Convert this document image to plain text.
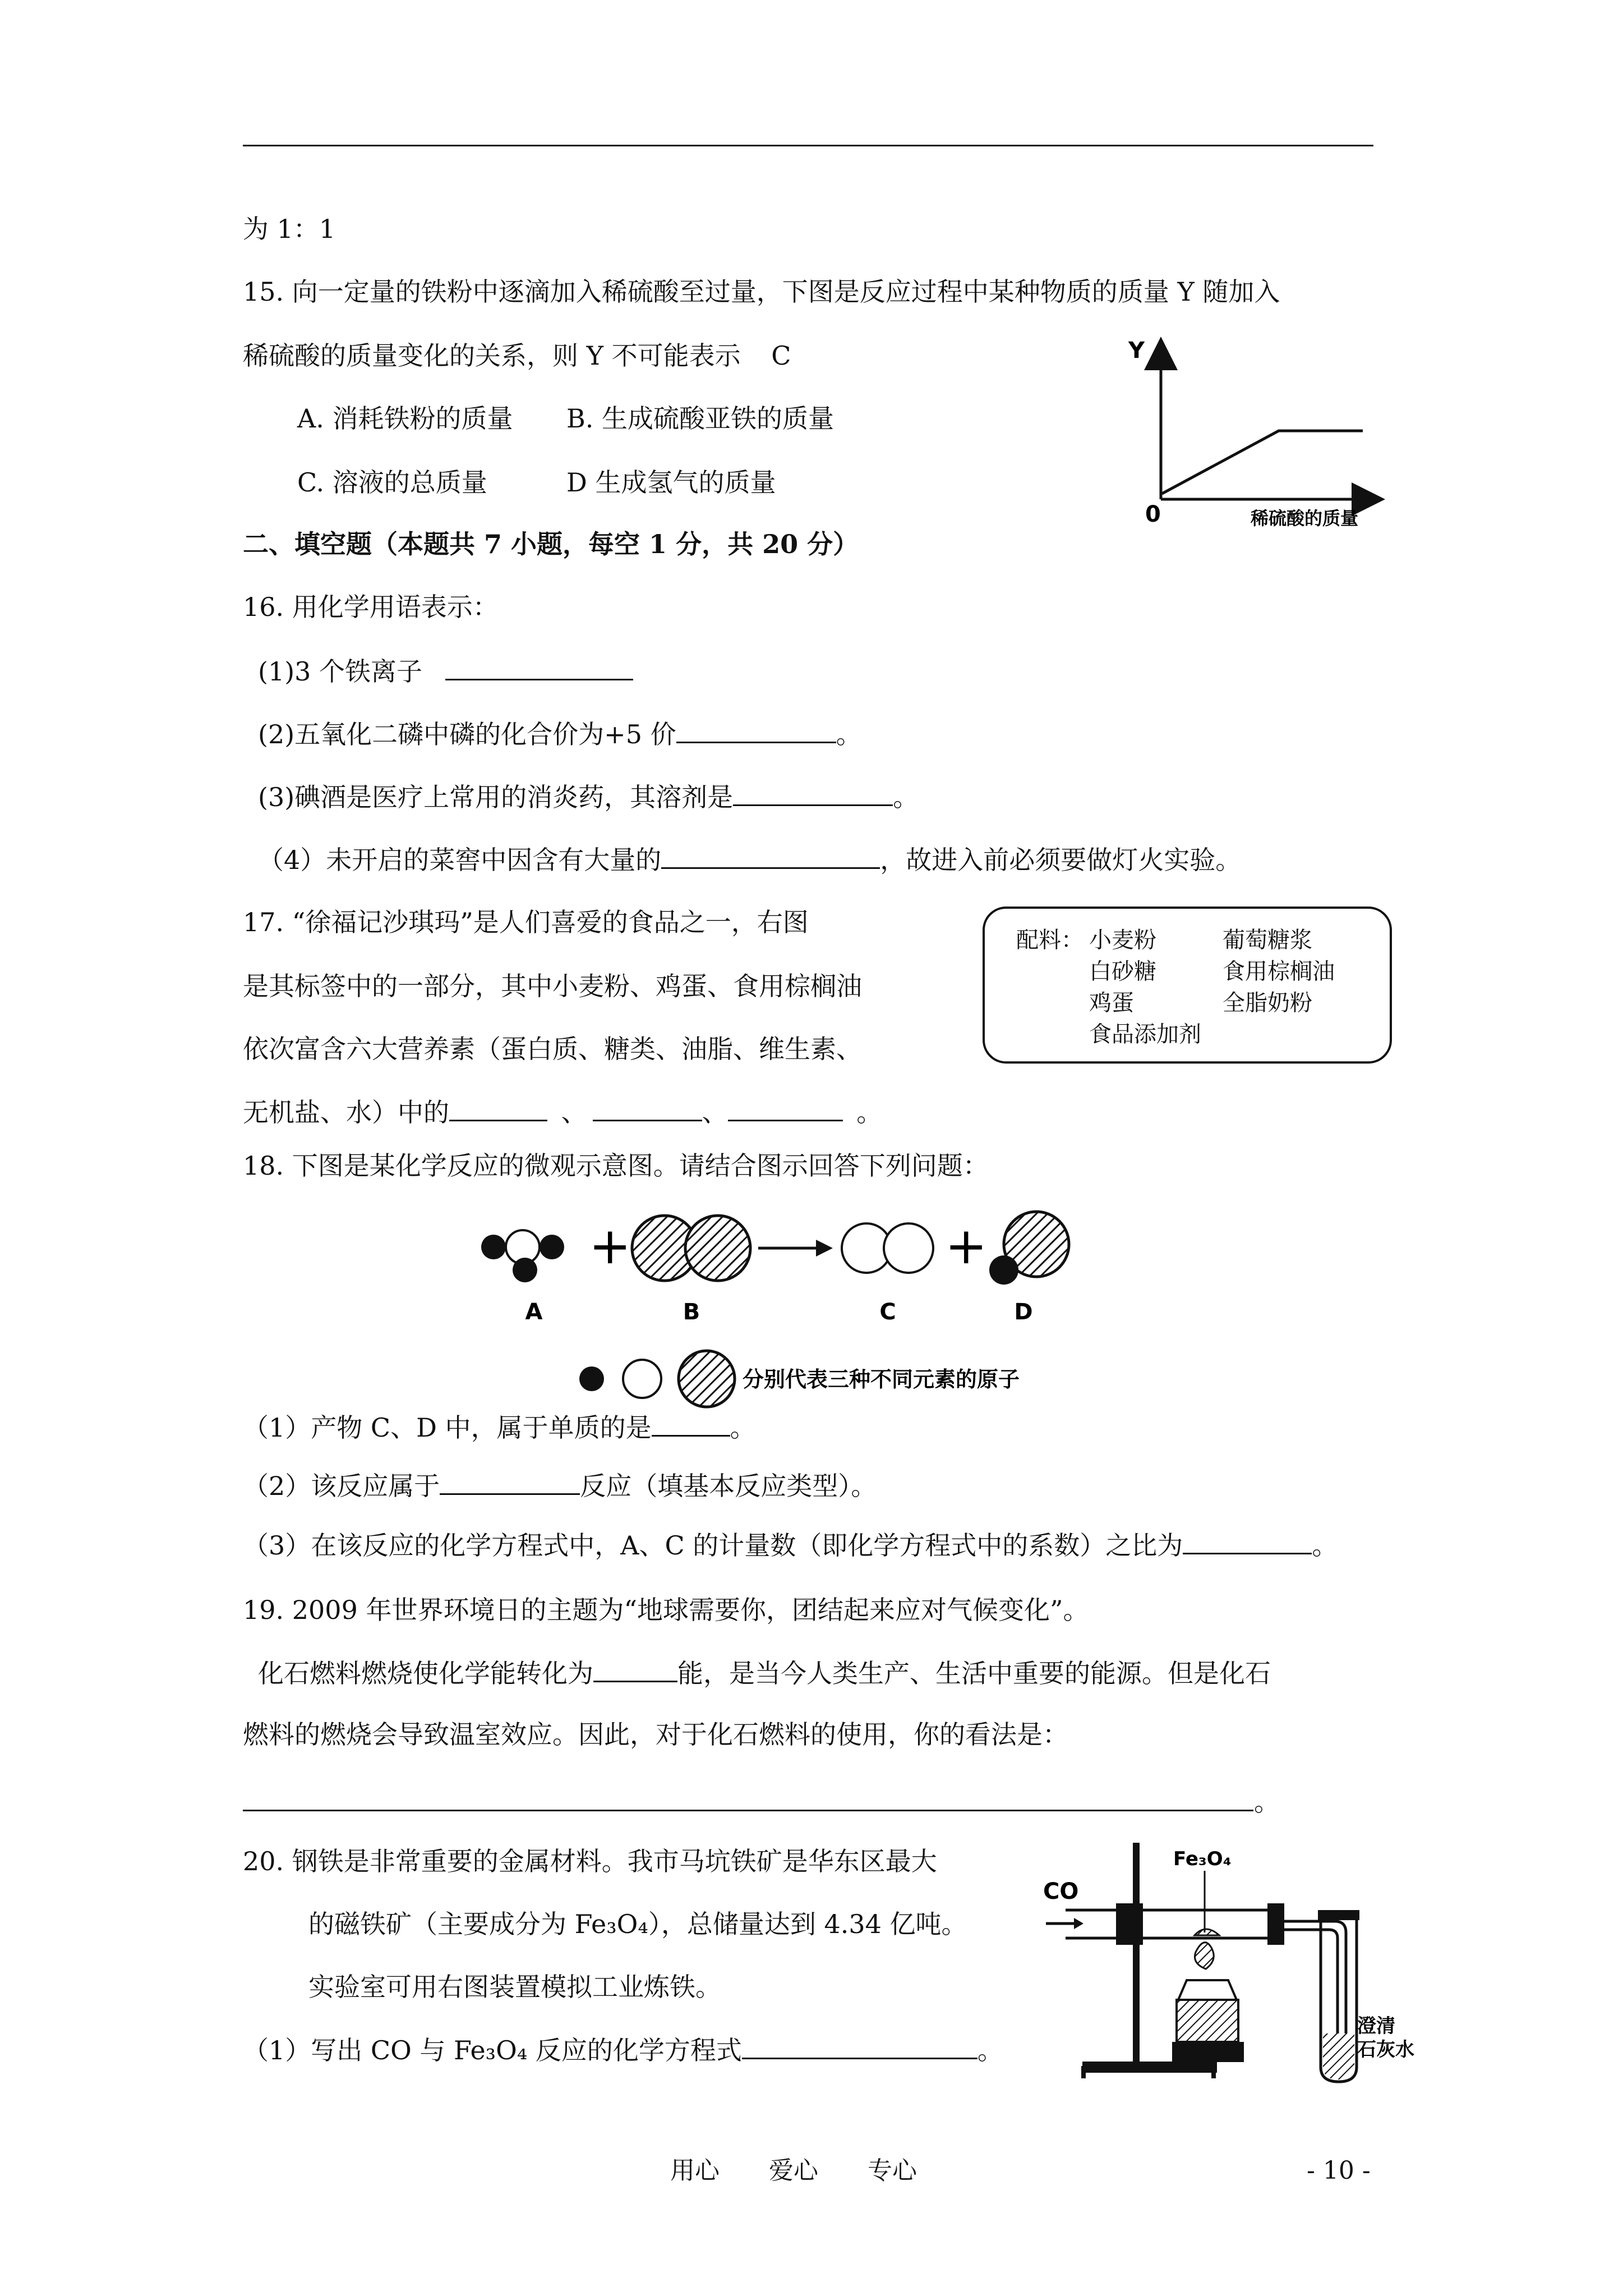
为 1：1
15. 向一定量的铁粉中逐滴加入稀硫酸至过量，下图是反应过程中某种物质的质量 Y 随加入
稀硫酸的质量变化的关系，则 Y 不可能表示 C
A. 消耗铁粉的质量 B. 生成硫酸亚铁的质量
C. 溶液的总质量	D 生成氢气的质量
Y
0	稀硫酸的质量
二、填空题（本题共 7 小题，每空 1 分，共 20 分）
16. 用化学用语表示：
(1)3 个铁离子
(2)五氧化二磷中磷的化合价为+5 价	。
(3)碘酒是医疗上常用的消炎药，其溶剂是	。
（4）未开启的菜窖中因含有大量的	，故进入前必须要做灯火实验。
17. “徐福记沙琪玛”是人们喜爱的食品之一，右图
是其标签中的一部分，其中小麦粉、鸡蛋、食用棕榈油
依次富含六大营养素（蛋白质、糖类、油脂、维生素、
无机盐、水）中的	、	、	。
配料： 小麦粉	葡萄糖浆
白砂糖	食用棕榈油
鸡蛋	全脂奶粉
食品添加剂
18. 下图是某化学反应的微观示意图。请结合图示回答下列问题：
+	+
A	B	C	D
分别代表三种不同元素的原子
（1）产物 C、D 中，属于单质的是	。
（2）该反应属于	反应（填基本反应类型）。
（3）在该反应的化学方程式中，A、C 的计量数（即化学方程式中的系数）之比为	。
19. 2009 年世界环境日的主题为“地球需要你，团结起来应对气候变化”。
化石燃料燃烧使化学能转化为	能，是当今人类生产、生活中重要的能源。但是化石
燃料的燃烧会导致温室效应。因此，对于化石燃料的使用，你的看法是：
。
20. 钢铁是非常重要的金属材料。我市马坑铁矿是华东区最大
的磁铁矿（主要成分为 Fe₃O₄），总储量达到 4.34 亿吨。
实验室可用右图装置模拟工业炼铁。
（1）写出 CO 与 Fe₃O₄ 反应的化学方程式	。
Fe₃O₄
CO
澄清
石灰水
用心　　爱心　　专心	- 10 -
